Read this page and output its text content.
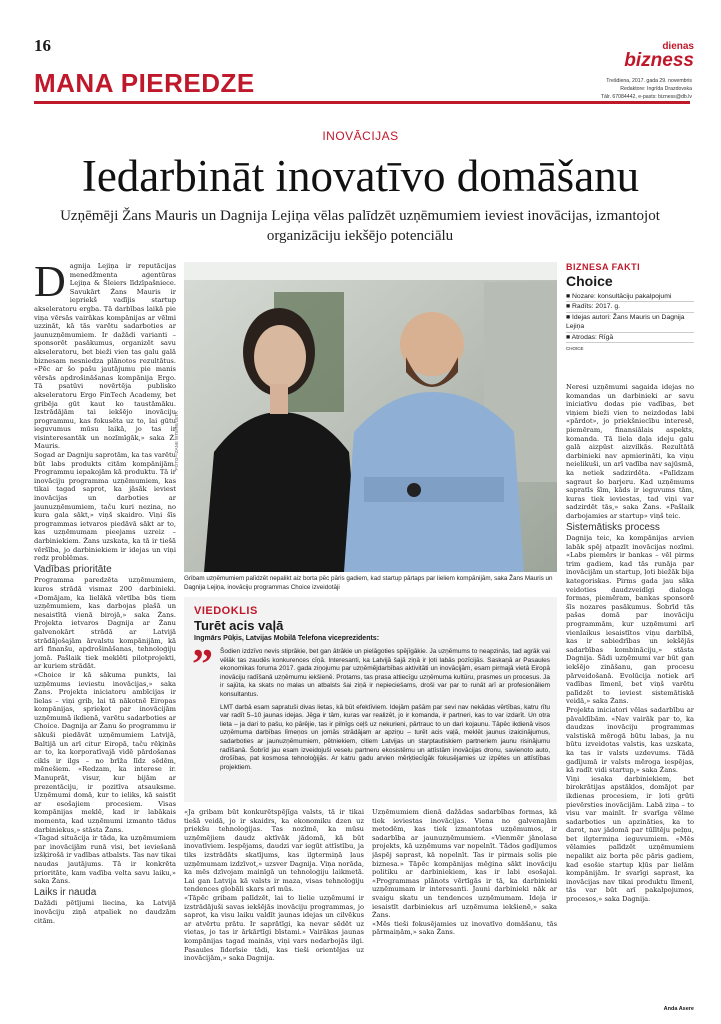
16
MANA PIEREDZE
dienas
bizness
Trešdiena, 2017. gada 29. novembris
Redaktore: Ingrīda Drazdovska
Tālr. 67084442, e-pasts: bizness@db.lv
INOVĀCIJAS
Iedarbināt inovatīvo domāšanu
Uzņēmēji Žans Mauris un Dagnija Lejiņa vēlas palīdzēt uzņēmumiem ieviest inovācijas, izmantojot organizāciju iekšējo potenciālu

Dagnija Lejiņa ir reputācijas menedžmenta aģentūras Lejiņa & Šleiers līdzīpašniece. Savukārt Žans Mauris ir iepriekš vadījis startup akseleratoru ergba. Tā darbības laikā pie viņa vērsās vairākas kompānijas ar vēlmi uzzināt, kā tās varētu sadarboties ar jaunuzņēmumiem. Ir dažādi varianti – sponsorēt pasākumus, organizēt savu akseleratoru, bet bieži vien tas galu galā biznesam nesniedza plānotos rezultātus. «Pēc ar šo pašu jautājumu pie manis vērsās apdrošināšanas kompānija Ergo. Tā psatūvi novērtēja publisko akseleratoru Ergo FinTech Academy, bet gribēja gūt kaut ko taustāmāku. Izstrādājām tai iekšējo inovāciju programmu, kas fokusēta uz to, lai gūtu ieguvumus mūsu laikā, jo tas ir visinteresantāk un nozīmīgāk,» saka Ž. Mauris.

Sogad ar Dagniju saprotām, ka tas varētu būt labs produkts citām kompānijām. Programmu iepakojām kā produktu. Tā ir inovāciju programma uzņēmumiem, kas tikai tagad saprot, ka jāsāk ieviest inovācijas un darboties ar jaunuzņēmumiem, taču kuri nezina, no kura gala sākt,» viņš skaidro. Viņi šīs programmas ietvaros piedāvā sākt ar to, kas uzņēmumam pieejams uzreiz – darbiniekiem. Žans uzskata, ka tā ir tiešā vēršība, jo darbiniekiem ir idejas un viņi redz problēmas.

Vadības prioritāte

Programma paredzēta uzņēmumiem, kuros strādā vismaz 200 darbinieki. «Domājam, ka lielākā vērtība būs tiem uzņēmumiem, kas darbojas plašā un nesaistītā vienā birojā,» saka Žans. Projekta ietvaros Dagnija ar Žanu galvenokārt strādā ar Latvijā strādājošajām ārvalstu kompānijām, kā arī finanšu, apdrošināšanas, tehnoloģiju jomā. Pašlaik tiek meklēti pilotprojekti, ar kuriem strādāt.

«Choice ir kā sākuma punkts, lai uzņēmums ieviestu inovācijas,» saka Žans. Projekta iniciatoru ambīcijas ir lielas – viņi grib, lai tā nākotnē Eiropas kompānijas, sprieķot par inovācijām uzņēmumā ikdienā, varētu sadarboties ar Choice. Dagnija ar Žanu šo programmu ir sākuši piedāvāt uzņēmumiem Latvijā, Baltijā un arī citur Eiropā, taču rēķinās ar to, ka korporatīvajā vidē pārdošanas cikls ir ilgs – no brīža līdz sēdēm, mēnešiem. «Redzam, ka interese ir. Manuprāt, visur, kur bijām ar prezentāciju, ir pozitīva atsauksme. Uzņēmumi domā, kur to ieliks, kā saistīt ar esošajiem procesiem. Visas kompānijas meklē, kad ir labākais momenta, kad uzņēmumi izmanto tādus darbiniekus,» stāsta Žans.

«Tagad situācija ir tāda, ka uzņēmumiem par inovācijām runā visi, bet ieviešanā izšķirošā ir vadības atbalsts. Tas nav tikai naudas jautājums. Tā ir konkrēta prioritāte, kam vadība velta savu laiku,» saka Žans.

Laiks ir nauda

Dažādi pētījumi liecina, ka Latvijā inovāciju ziņā atpaliek no daudzām citām.

FOTO—ZANE BITERE/LETA
Gribam uzņēmumiem palīdzēt nepalikt aiz borta pēc pāris gadiem, kad startup pārtaps par lieliem kompānijām, saka Žans Mauris un Dagnija Lejiņa, inovāciju programmas Choice izveidotāji
BIZNESA FAKTI
Choice
■ Nozare: konsultāciju pakalpojumi
■ Radīts: 2017. g.
■ Idejas autori: Žans Mauris un Dagnija Lejiņa
■ Atrodas: Rīgā
CHOICE
VIEDOKLIS
Turēt acis vaļā
Ingmārs Pūķis, Latvijas Mobilā Telefona viceprezidents:
” Šodien izdzīvo nevis stiprākie, bet gan ātrākie un pielāgoties spējīgākie. Ja uzņēmums to neapzinās, tad agrāk vai vēlāk tas zaudēs konkurences cīņā. Interesanti, ka Latvijā šajā ziņā ir ļoti labās pozīcijās. Saskaņā ar Pasaules ekonomikas foruma 2017. gada ziņojumu par uzņēmējdarbības aktivitāti un inovācijām, esam pirmajā vietā Eiropā inovāciju radīšanā uzņēmumu iekšienē. Protams, tas prasa attiecīgu uzņēmuma kultūru, prasmes un procesus. Ja ir sajūta, ka skats no malas un atbalsts šai ziņā ir nepieciešams, droši var par to runāt arī ar profesionāliem konsultantus.

LMT darbā esam sapratuši divas lietas, kā būt efektīviem. Idejām pašām par sevi nav nekādas vērtības, katru rītu var radīt 5–10 jaunas idejas. Jēga ir tām, kuras var realizēt, jo ir komanda, ir partneri, kas to var izdarīt. Un otra lieta – ja dari to pašu, ko pārējie, tas ir pilnīgs ceļš uz nekurieni, pārtrauc to un dari kojaunu. Tāpēc ikdienā visos uzņēmuma darbības līmeņos un jomās strādājam ar apziņu – turēt acis vaļā, meklēt jaunus izaicinājumus, sadarboties ar jaunuzņēmumiem, pētniekiem, citiem Latvijas un starptautiskiem partneriem jaunu risinājumu radīšanā. Šobrīd jau esam izveidojuši veselu partneru ekosistēmu un attīstām inovācijas dronu, savienoto auto, drošības, pat kosmosa tehnoloģijās. Ar katru gadu arvien mērķtiecīgāk fokusējamies uz izpētes un attīstības projektiem.

«Ja gribam būt konkurētspējīga valsts, tā ir tikai tiešā veidā, jo ir skaidrs, ka ekonomiku dzen uz priekšu tehnoloģijas. Tas nozīmē, ka mūsu uzņēmējiem daudz aktīvāk jādomā, kā būt inovatīviem. Iespējams, daudzi var iegūt attīstību, ja tiks izstrādāts skatījums, kas ilgtermiņā ļaus uzņēmumam izdzīvot,» uzsver Dagnija. Viņa norāda, ka mēs dzīvojam mainīgā un tehnoloģiju laikmetā. Lai gan Latvija kā valsts ir maza, visas tehnoloģiju tendences globāli skars arī mūs.

«Tāpēc gribam palīdzēt, lai to lielie uzņēmumi ir izstrādājuši savas iekšējās inovāciju programmas, jo saprot, ka visu laiku valdīt jaunas idejas un cilvēkus ar atvērtu prātu. Ir saprātīgi, ka nevar sēdēt uz vietas, jo tas ir ārkārtīgi bīstami.» Vairākas jaunas kompānijas tagad mainās, viņi vars nedarbojās ilgi. Pasaules līderīsie tādi, kas tieši orientējas uz inovācijām,» saka Dagnija.

Uzņēmumiem dienā dažādas sadarbības formas, kā tiek ieviestas inovācijas. Viena no galvenajām metodēm, kas tiek izmantotas uzņēmumos, ir sadarbība ar jaunuzņēmumiem. «Vienmēr jānolasa projekts, kā uzņēmums var nopelnīt. Tādos gadījumos jāspēj saprast, kā nopelnīt. Tas ir pirmais solis pie biznesa.» Tāpēc kompānijas mēģina sākt inovāciju politiku ar darbiniekiem, kas ir labi esošajai. «Programmas plānots vērtīgās ir tā, ka darbinieki uzņēmumam ir interesanti. Jauni darbinieki nāk ar svaigu skatu un tendences uzņēmumam. Ideja ir iesaistīt darbiniekus arī uzņēmuma iekšienē,» saka Žans.

«Mēs tieši fokusējamies uz inovatīvo domāšanu, tās pārmaiņām,» saka Žans.

Neresi uzņēmumi sagaida idejas no komandas un darbinieki ar savu iniciatīvu dodas pie vadības, bet viņiem bieži vien to neizdodas labi «pārdot», jo priekšniecību interesē, piemēram, finansiālais aspekts, komanda. Tā liela daļa ideju galu galā aizpūst aizvilkās. Rezultātā darbinieki nav apmierināti, ka viņu neielikuši, un arī vadība nav sajūsmā, ka netiek sadzirdēta. «Palīdzam sagraut šo barjeru. Kad uzņēmums sapratīs šīm, kāds ir ieguvums tām, kuras tiek ieviestas, tad viņi var sadzirdēt tās,» saka Žans. «Pašlaik darbojamies ar startup» viņš teic.

Sistemātisks process

Dagnija teic, ka kompānijas arvien labāk spēj atpazīt inovācijas nozīmi. «Labs piemērs ir bankas – vēl pirms trim gadiem, kad tās runāja par inovācijām un startup, ļoti biežāk bija kategoriskas. Pirms gada jau sāka veidoties daudzveidīgi dialoga formas, piemēram, bankas sponsorē šīs nozares pasākumus. Šobrīd tās pašas domā par inovāciju programmām, kur uzņēmumi arī vienlaikus iesaistītos viņu darbībā, kas ir sabiedrības un iekšējās sadarbības kombināciju,» stāsta Dagnija. Šādi uzņēmumi var būt gan iekšējo zināšanu, gan procesu pārveidošanā. Evolūcija notiek arī vadības līmenī, bet viņš varētu palīdzēt to ieviest sistemātiskā veidā,» saka Žans.

Projekta iniciatori vēlas sadarbību ar pāvaldībām. «Nav vairāk par to, ka daudzas inovāciju programmas valstiskā mērogā būtu labas, ja nu būtu izveidotas valstis, kas uzskata, ka tas ir valsts uzdevums. Tādā gadījumā ir valsts mēroga iespējas, kā radīt vidi startup,» saka Žans.

Viņi iesaka darbiniekiem, bet birokrātijas apstākļos, domājot par ikdienas procesiem, ir ļoti grūti pievērsties inovācijām. Labā ziņa – to visu var mainīt. Ir svarīga vēlme sadarboties un apzināties, ka to darot, nav jādomā par tūlītēju peļņu, bet ilgtermiņa ieguvumiem. «Mēs vēlamies palīdzēt uzņēmumiem nepalikt aiz borta pēc pāris gadiem, kad esošie startup kļūs par lielām kompānijām. Ir svarīgi saprast, ka inovācijas nav tikai produktu līmenī, tās var būt arī pakalpojumos, procesos,» saka Dagnija.

Anda Asere
